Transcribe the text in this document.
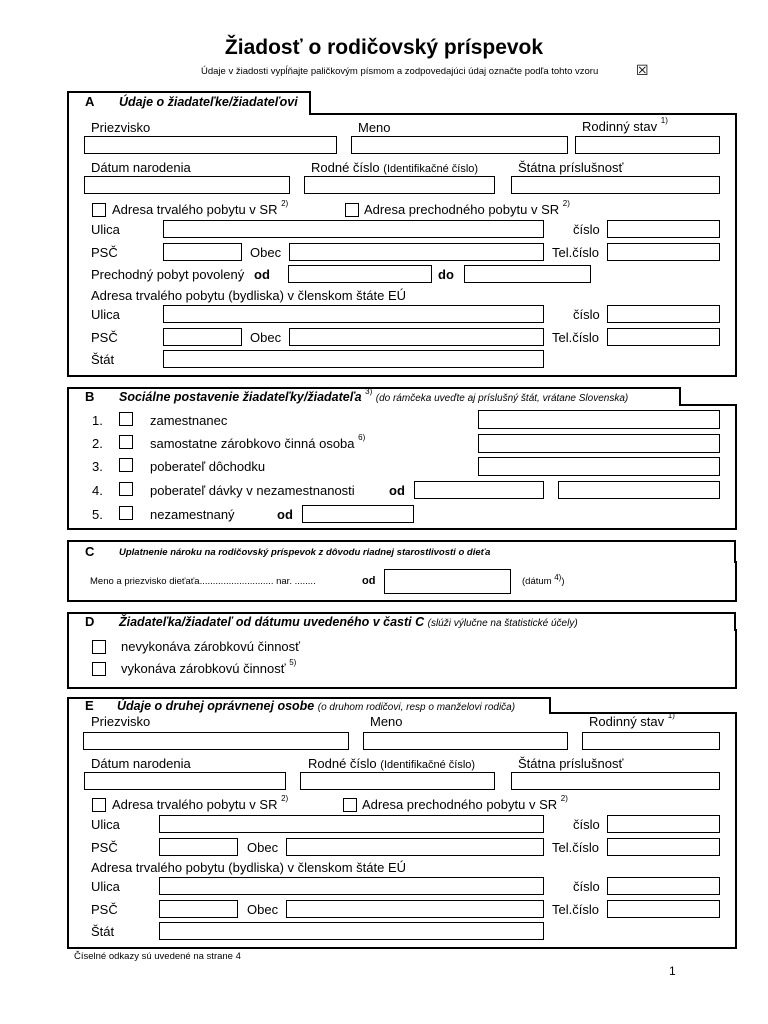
Žiadosť o rodičovský príspevok
Údaje v žiadosti vypĺňajte paličkovým písmom a zodpovedajúci údaj označte podľa tohto vzoru	☒
A Údaje o žiadateľke/žiadateľovi
Priezvisko	Meno	Rodinný stav $^{1)}$
Dátum narodenia	Rodné číslo (Identifikačné číslo)	Štátna príslušnosť
Adresa trvalého pobytu v SR $^{2)}$	Adresa prechodného pobytu v SR $^{2)}$
Ulica	číslo
PSČ	Obec	Tel.číslo
Prechodný pobyt povolený od	do
Adresa trvalého pobytu (bydliska) v členskom štáte EÚ
Ulica	číslo
PSČ	Obec	Tel.číslo
Štát
B Sociálne postavenie žiadateľky/žiadateľa $^{3)}$ (do rámčeka uveďte aj príslušný štát, vrátane Slovenska)
1.	zamestnanec
2.	samostatne zárobkovo činná osoba $^{6)}$
3.	poberateľ dôchodku
4.	poberateľ dávky v nezamestnanosti	od
5.	nezamestnaný	od
C	Uplatnenie nároku na rodičovský príspevok z dôvodu riadnej starostlivosti o dieťa
Meno a priezvisko dieťaťa............................ nar. ........	od	(dátum $^{4)}$)
D Žiadateľka/žiadateľ od dátumu uvedeného v časti C (slúži výlučne na štatistické účely)
nevykonáva zárobkovú činnosť
vykonáva zárobkovú činnosť $^{5)}$
E Údaje o druhej oprávnenej osobe (o druhom rodičovi, resp o manželovi rodiča)
Priezvisko	Meno	Rodinný stav $^{1)}$
Dátum narodenia	Rodné číslo (Identifikačné číslo)	Štátna príslušnosť
Adresa trvalého pobytu v SR $^{2)}$	Adresa prechodného pobytu v SR $^{2)}$
Ulica	číslo
PSČ	Obec	Tel.číslo
Adresa trvalého pobytu (bydliska) v členskom štáte EÚ
Ulica	číslo
PSČ	Obec	Tel.číslo
Štát
Číselné odkazy sú uvedené na strane 4
1
